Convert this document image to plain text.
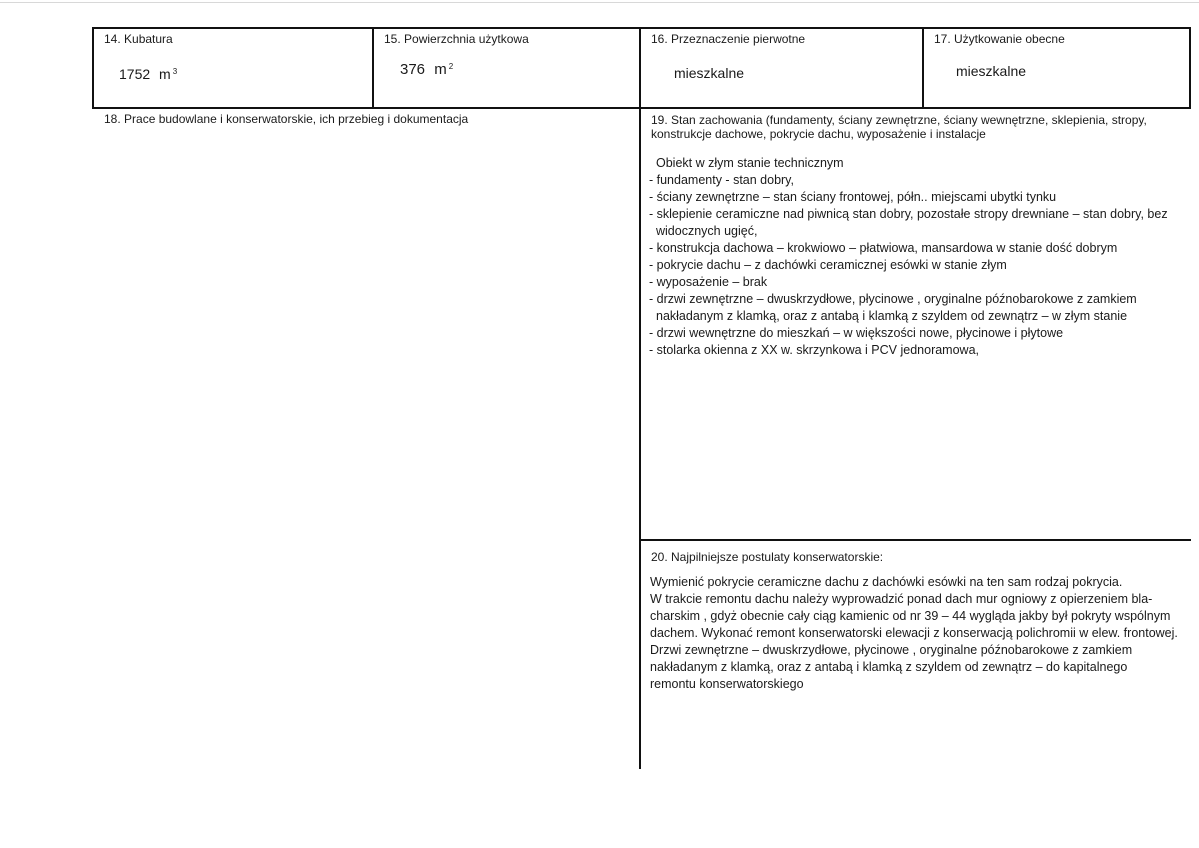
14. Kubatura
1752 m $^3$
15. Powierzchnia użytkowa
376 m $^2$
16. Przeznaczenie pierwotne
mieszkalne
17. Użytkowanie obecne
mieszkalne
18. Prace budowlane i konserwatorskie, ich przebieg i dokumentacja	19. Stan zachowania (fundamenty, ściany zewnętrzne, ściany wewnętrzne, sklepienia, stropy,
konstrukcje dachowe, pokrycie dachu, wyposażenie i instalacje
Obiekt w złym stanie technicznym
- fundamenty - stan dobry,
- ściany zewnętrzne – stan ściany frontowej, półn.. miejscami ubytki tynku
- sklepienie ceramiczne nad piwnicą stan dobry, pozostałe stropy drewniane – stan dobry, bez
widocznych ugięć,
- konstrukcja dachowa – krokwiowo – płatwiowa, mansardowa w stanie dość dobrym
- pokrycie dachu – z dachówki ceramicznej esówki w stanie złym
- wyposażenie – brak
- drzwi zewnętrzne – dwuskrzydłowe, płycinowe , oryginalne późnobarokowe z zamkiem
nakładanym z klamką, oraz z antabą i klamką z szyldem od zewnątrz – w złym stanie
- drzwi wewnętrzne do mieszkań – w większości nowe, płycinowe i płytowe
- stolarka okienna z XX w. skrzynkowa i PCV jednoramowa,
20. Najpilniejsze postulaty konserwatorskie:
Wymienić pokrycie ceramiczne dachu z dachówki esówki na ten sam rodzaj pokrycia.
W trakcie remontu dachu należy wyprowadzić ponad dach mur ogniowy z opierzeniem bla-
charskim , gdyż obecnie cały ciąg kamienic od nr 39 – 44 wygląda jakby był pokryty wspólnym
dachem. Wykonać remont konserwatorski elewacji z konserwacją polichromii w elew. frontowej.
Drzwi zewnętrzne – dwuskrzydłowe, płycinowe , oryginalne późnobarokowe z zamkiem
nakładanym z klamką, oraz z antabą i klamką z szyldem od zewnątrz – do kapitalnego
remontu konserwatorskiego
